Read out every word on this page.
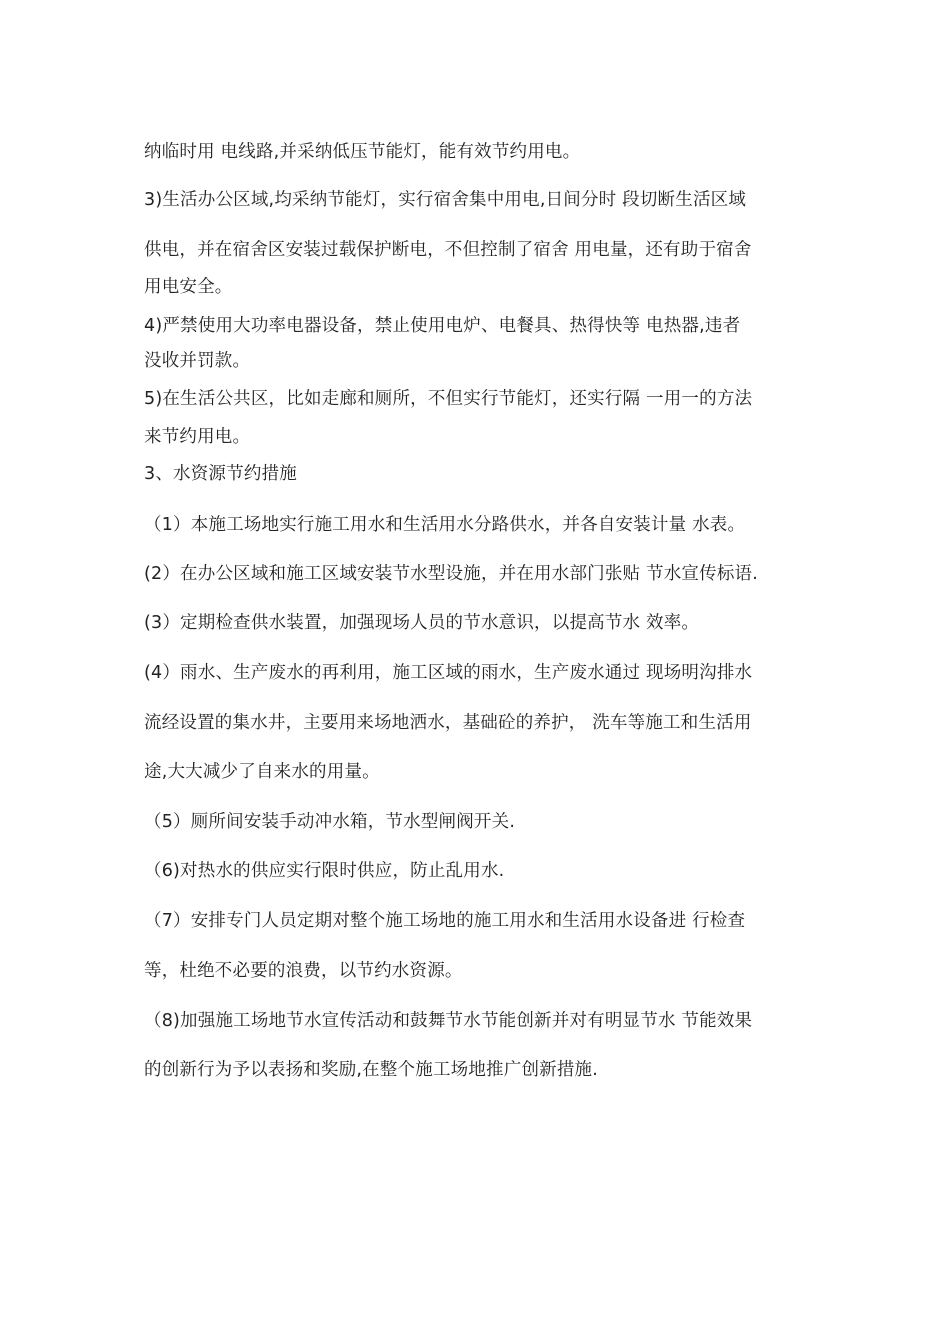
纳临时用 电线路,并采纳低压节能灯，能有效节约用电。
3)生活办公区域,均采纳节能灯，实行宿舍集中用电,日间分时 段切断生活区域
供电，并在宿舍区安装过载保护断电，不但控制了宿舍 用电量，还有助于宿舍
用电安全。
4)严禁使用大功率电器设备，禁止使用电炉、电餐具、热得快等 电热器,违者
没收并罚款。
5)在生活公共区，比如走廊和厕所，不但实行节能灯，还实行隔 一用一的方法
来节约用电。
3、水资源节约措施
（1）本施工场地实行施工用水和生活用水分路供水，并各自安装计量 水表。
(2）在办公区域和施工区域安装节水型设施，并在用水部门张贴 节水宣传标语.
(3）定期检查供水装置，加强现场人员的节水意识，以提高节水 效率。
(4）雨水、生产废水的再利用，施工区域的雨水，生产废水通过 现场明沟排水
流经设置的集水井，主要用来场地洒水，基础砼的养护， 洗车等施工和生活用
途,大大减少了自来水的用量。
（5）厕所间安装手动冲水箱，节水型闸阀开关.
（6)对热水的供应实行限时供应，防止乱用水.
（7）安排专门人员定期对整个施工场地的施工用水和生活用水设备进 行检查
等，杜绝不必要的浪费，以节约水资源。
（8)加强施工场地节水宣传活动和鼓舞节水节能创新并对有明显节水 节能效果
的创新行为予以表扬和奖励,在整个施工场地推广创新措施.
